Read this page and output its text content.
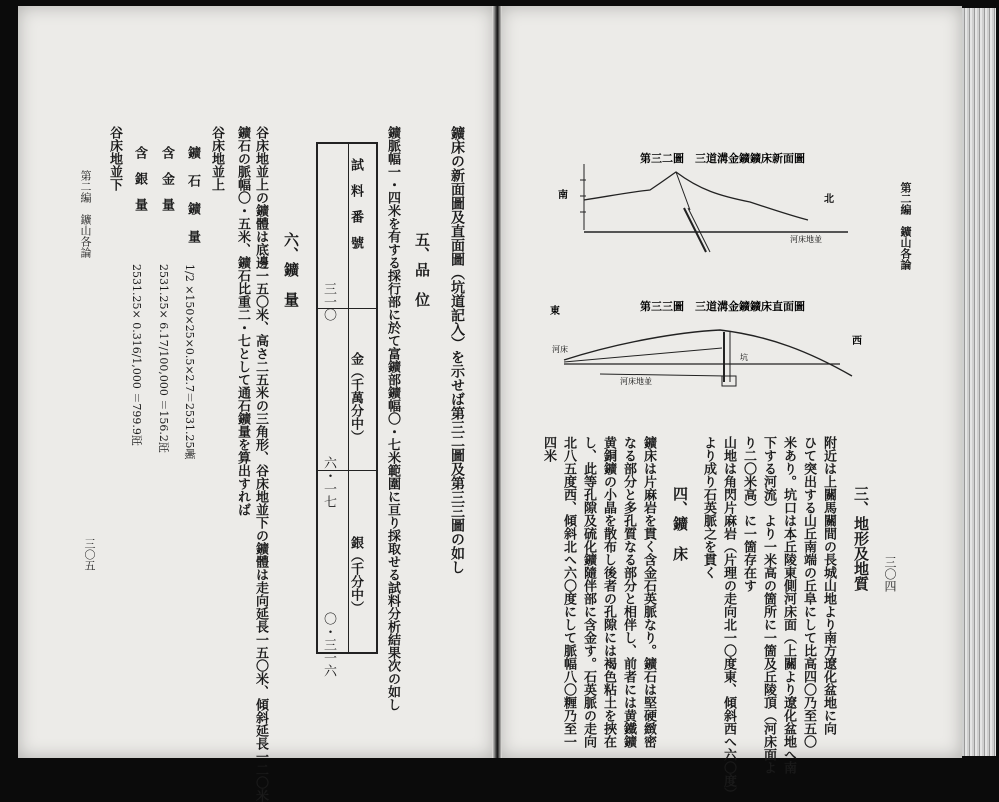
鑛床の新面圖及直面圖（坑道記入）を示せば第三二圖及第三三圖の如し
五、品　位
鑛脈幅一・四米を有する採行部に於て富鑛部鑛幅〇・七米範圍に亘り採取せる試料分析結果次の如し
試　料　番　號
金（千萬分中）
銀（千分中）
三一〇
六・一七
〇・三一六
六、鑛　量
谷床地並上の鑛體は底邊一五〇米、高さ二五米の三角形、谷床地並下の鑛體は走向延長一五〇米、傾斜延長一二〇米
鑛石の脈幅〇・五米、鑛石比重二・七として通石鑛量を算出すれば
谷床地並上
鑛 石 鑛 量
1/2 ×150×25×0.5×2.7＝2531.25噸
含　金　量
2531.25× 6.17/100,000 ＝156.2瓩
含　銀　量
2531.25× 0.316/1,000 ＝799.9瓩
谷床地並下
第二編　鑛山各論
三〇五
第二編　鑛山各論
三〇四
三、地形及地質
附近は上關馬關間の長城山地より南方遼化盆地に向
ひて突出する山丘南端の丘阜にして比高四〇乃至五〇
米あり。坑口は本丘陵東側河床面（上關より遼化盆地へ南
下する河流）より一米高の箇所に一箇及丘陵頂（河床面よ
り二〇米高）に一箇存在す
山地は角閃片麻岩（片理の走向北一〇度東、傾斜西へ六〇度）
より成り石英脈之を貫く
四、鑛　床
鑛床は片麻岩を貫く含金石英脈なり。鑛石は堅硬緻密
なる部分と多孔質なる部分と相伴し、前者には黄鐵鑛
黄銅鑛の小晶を散布し後者の孔隙には褐色粘土を挾在
し、此等孔隙及硫化鑛隨伴部に含金す。石英脈の走向
北八五度西、傾斜北へ六〇度にして脈幅八〇糎乃至一
四米
第三二圖　三道溝金鑛鑛床新面圖
南	北
河床地並
第三三圖　三道溝金鑛鑛床直面圖
東
西
河床
河床地並
坑
